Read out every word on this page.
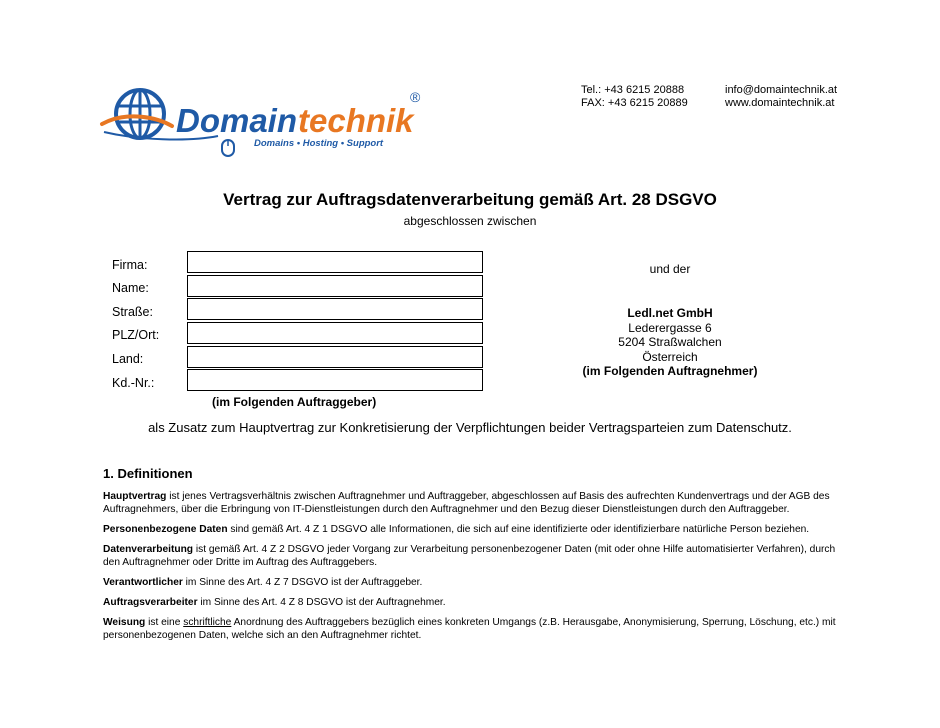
Domain technik
®
Domains • Hosting • Support
Tel.: +43 6215 20888
FAX: +43 6215 20889
info@domaintechnik.at
www.domaintechnik.at
Vertrag zur Auftragsdatenverarbeitung gemäß Art. 28 DSGVO
abgeschlossen zwischen
Firma:
Name:
Straße:
PLZ/Ort:
Land:
Kd.-Nr.:
(im Folgenden Auftraggeber)
und der
Ledl.net GmbH
Lederergasse 6
5204 Straßwalchen
Österreich
(im Folgenden Auftragnehmer)
als Zusatz zum Hauptvertrag zur Konkretisierung der Verpflichtungen beider Vertragsparteien zum Datenschutz.
1. Definitionen

Hauptvertrag ist jenes Vertragsverhältnis zwischen Auftragnehmer und Auftraggeber, abgeschlossen auf Basis des aufrechten Kundenvertrags und der AGB des Auftragnehmers, über die Erbringung von IT-Dienstleistungen durch den Auftragnehmer und den Bezug dieser Dienstleistungen durch den Auftraggeber.

Personenbezogene Daten sind gemäß Art. 4 Z 1 DSGVO alle Informationen, die sich auf eine identifizierte oder identifizierbare natürliche Person beziehen.

Datenverarbeitung ist gemäß Art. 4 Z 2 DSGVO jeder Vorgang zur Verarbeitung personenbezogener Daten (mit oder ohne Hilfe automatisierter Verfahren), durch den Auftragnehmer oder Dritte im Auftrag des Auftraggebers.

Verantwortlicher im Sinne des Art. 4 Z 7 DSGVO ist der Auftraggeber.

Auftragsverarbeiter im Sinne des Art. 4 Z 8 DSGVO ist der Auftragnehmer.

Weisung ist eine schriftliche Anordnung des Auftraggebers bezüglich eines konkreten Umgangs (z.B. Herausgabe, Anonymisierung, Sperrung, Löschung, etc.) mit personenbezogenen Daten, welche sich an den Auftragnehmer richtet.
